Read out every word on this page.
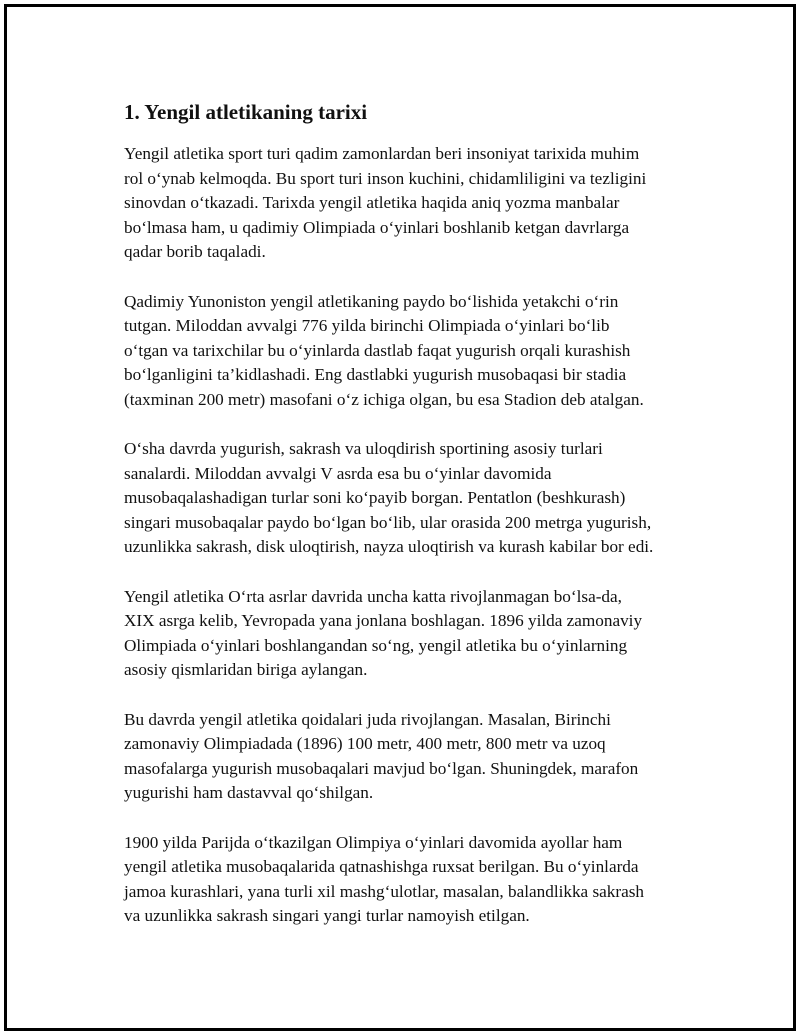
1. Yengil atletikaning tarixi

Yengil atletika sport turi qadim zamonlardan beri insoniyat tarixida muhim
rol o‘ynab kelmoqda. Bu sport turi inson kuchini, chidamliligini va tezligini
sinovdan o‘tkazadi. Tarixda yengil atletika haqida aniq yozma manbalar
bo‘lmasa ham, u qadimiy Olimpiada o‘yinlari boshlanib ketgan davrlarga
qadar borib taqaladi.

Qadimiy Yunoniston yengil atletikaning paydo bo‘lishida yetakchi o‘rin
tutgan. Miloddan avvalgi 776 yilda birinchi Olimpiada o‘yinlari bo‘lib
o‘tgan va tarixchilar bu o‘yinlarda dastlab faqat yugurish orqali kurashish
bo‘lganligini ta’kidlashadi. Eng dastlabki yugurish musobaqasi bir stadia
(taxminan 200 metr) masofani o‘z ichiga olgan, bu esa Stadion deb atalgan.

O‘sha davrda yugurish, sakrash va uloqdirish sportining asosiy turlari
sanalardi. Miloddan avvalgi V asrda esa bu o‘yinlar davomida
musobaqalashadigan turlar soni ko‘payib borgan. Pentatlon (beshkurash)
singari musobaqalar paydo bo‘lgan bo‘lib, ular orasida 200 metrga yugurish,
uzunlikka sakrash, disk uloqtirish, nayza uloqtirish va kurash kabilar bor edi.

Yengil atletika O‘rta asrlar davrida uncha katta rivojlanmagan bo‘lsa-da,
XIX asrga kelib, Yevropada yana jonlana boshlagan. 1896 yilda zamonaviy
Olimpiada o‘yinlari boshlangandan so‘ng, yengil atletika bu o‘yinlarning
asosiy qismlaridan biriga aylangan.

Bu davrda yengil atletika qoidalari juda rivojlangan. Masalan, Birinchi
zamonaviy Olimpiadada (1896) 100 metr, 400 metr, 800 metr va uzoq
masofalarga yugurish musobaqalari mavjud bo‘lgan. Shuningdek, marafon
yugurishi ham dastavval qo‘shilgan.

1900 yilda Parijda o‘tkazilgan Olimpiya o‘yinlari davomida ayollar ham
yengil atletika musobaqalarida qatnashishga ruxsat berilgan. Bu o‘yinlarda
jamoa kurashlari, yana turli xil mashg‘ulotlar, masalan, balandlikka sakrash
va uzunlikka sakrash singari yangi turlar namoyish etilgan.
